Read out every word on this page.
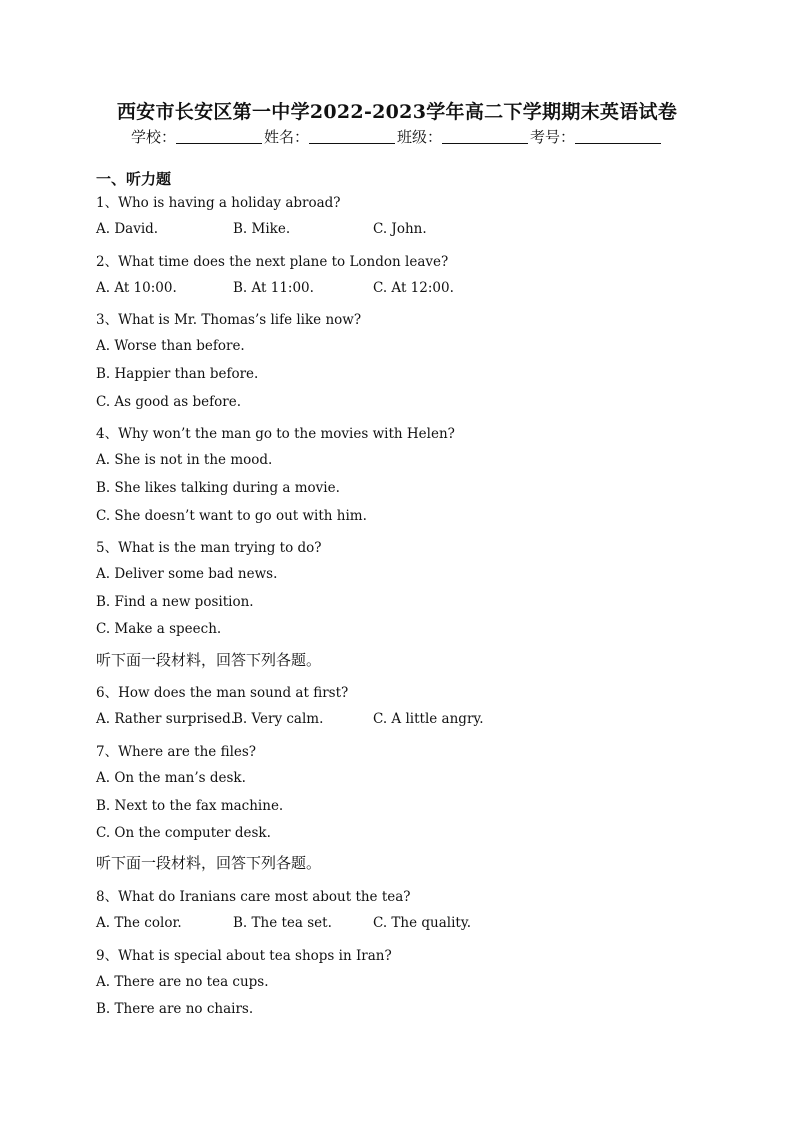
西安市长安区第一中学2022-2023学年高二下学期期末英语试卷
学校：	姓名：	班级：	考号：
一、听力题
1、Who is having a holiday abroad?
A. David.	B. Mike.	C. John.
2、What time does the next plane to London leave?
A. At 10:00.	B. At 11:00.	C. At 12:00.
3、What is Mr. Thomas’s life like now?
A. Worse than before.
B. Happier than before.
C. As good as before.
4、Why won’t the man go to the movies with Helen?
A. She is not in the mood.
B. She likes talking during a movie.
C. She doesn’t want to go out with him.
5、What is the man trying to do?
A. Deliver some bad news.
B. Find a new position.
C. Make a speech.
听下面一段材料，回答下列各题。
6、How does the man sound at first?
A. Rather surprised.
B. Very calm.	C. A little angry.
7、Where are the files?
A. On the man’s desk.
B. Next to the fax machine.
C. On the computer desk.
听下面一段材料，回答下列各题。
8、What do Iranians care most about the tea?
A. The color.	B. The tea set.	C. The quality.
9、What is special about tea shops in Iran?
A. There are no tea cups.
B. There are no chairs.
